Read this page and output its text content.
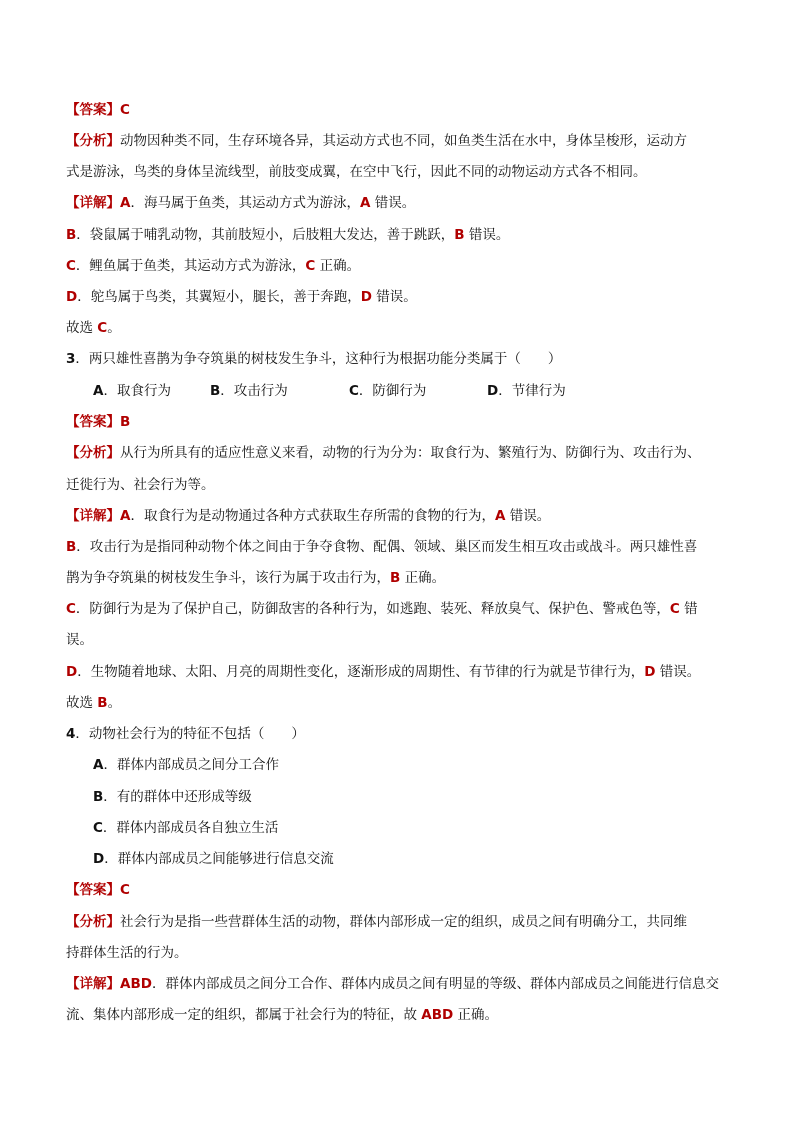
【答案】C
【分析】动物因种类不同，生存环境各异，其运动方式也不同，如鱼类生活在水中，身体呈梭形，运动方
式是游泳，鸟类的身体呈流线型，前肢变成翼，在空中飞行，因此不同的动物运动方式各不相同。
【详解】A．海马属于鱼类，其运动方式为游泳，A 错误。
B．袋鼠属于哺乳动物，其前肢短小，后肢粗大发达，善于跳跃，B 错误。
C．鲤鱼属于鱼类，其运动方式为游泳，C 正确。
D．鸵鸟属于鸟类，其翼短小，腿长，善于奔跑，D 错误。
故选 C。
3．两只雄性喜鹊为争夺筑巢的树枝发生争斗，这种行为根据功能分类属于（　　）
A．取食行为	B．攻击行为	C．防御行为	D．节律行为
【答案】B
【分析】从行为所具有的适应性意义来看，动物的行为分为：取食行为、繁殖行为、防御行为、攻击行为、
迁徙行为、社会行为等。
【详解】A．取食行为是动物通过各种方式获取生存所需的食物的行为，A 错误。
B．攻击行为是指同种动物个体之间由于争夺食物、配偶、领域、巢区而发生相互攻击或战斗。两只雄性喜
鹊为争夺筑巢的树枝发生争斗，该行为属于攻击行为，B 正确。
C．防御行为是为了保护自己，防御敌害的各种行为，如逃跑、装死、释放臭气、保护色、警戒色等，C 错
误。
D．生物随着地球、太阳、月亮的周期性变化，逐渐形成的周期性、有节律的行为就是节律行为，D 错误。
故选 B。
4．动物社会行为的特征不包括（　　）
A．群体内部成员之间分工合作
B．有的群体中还形成等级
C．群体内部成员各自独立生活
D．群体内部成员之间能够进行信息交流
【答案】C
【分析】社会行为是指一些营群体生活的动物，群体内部形成一定的组织，成员之间有明确分工，共同维
持群体生活的行为。
【详解】ABD．群体内部成员之间分工合作、群体内成员之间有明显的等级、群体内部成员之间能进行信息交
流、集体内部形成一定的组织，都属于社会行为的特征，故 ABD 正确。
